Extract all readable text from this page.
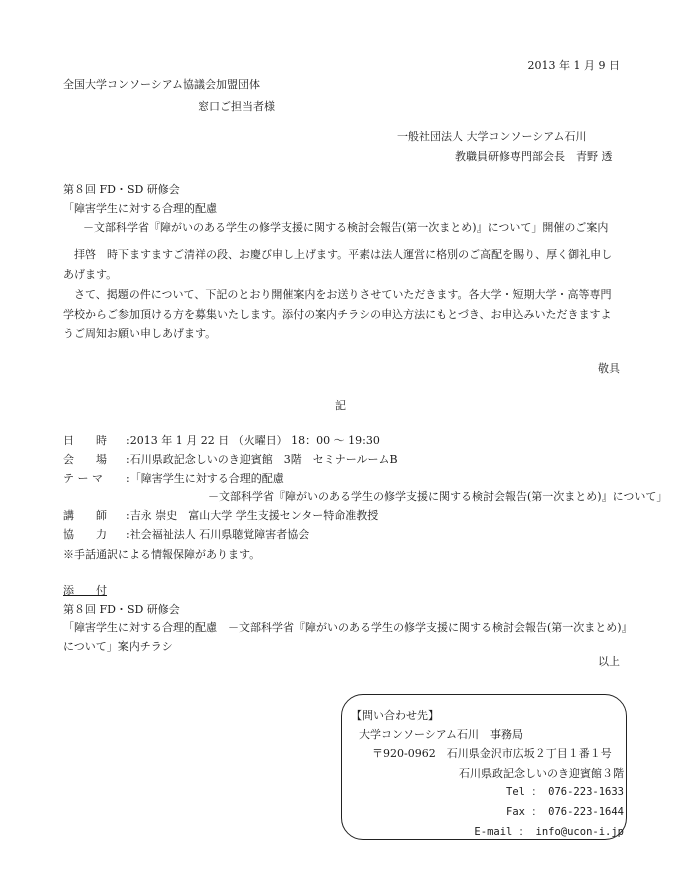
2013 年 1 月 9 日
全国大学コンソーシアム協議会加盟団体
窓口ご担当者様
一般社団法人 大学コンソーシアム石川
教職員研修専門部会長　青野 透
第８回 FD・SD 研修会
「障害学生に対する合理的配慮
－文部科学省『障がいのある学生の修学支援に関する検討会報告(第一次まとめ)』について」開催のご案内
　拝啓　時下ますますご清祥の段、お慶び申し上げます。平素は法人運営に格別のご高配を賜り、厚く御礼申しあげます。
　さて、掲題の件について、下記のとおり開催案内をお送りさせていただきます。各大学・短期大学・高等専門学校からご参加頂ける方を募集いたします。添付の案内チラシの申込方法にもとづき、お申込みいただきますようご周知お願い申しあげます。
敬具
記
日　　時 :2013 年 1 月 22 日 （火曜日） 18：00 ～ 19:30
会　　場 :石川県政記念しいのき迎賓館　3階　セミナールームB
テ ー マ :「障害学生に対する合理的配慮
－文部科学省『障がいのある学生の修学支援に関する検討会報告(第一次まとめ)』について」
講　　師 :吉永 崇史　富山大学 学生支援センター特命准教授
協　　力 :社会福祉法人 石川県聴覚障害者協会
※手話通訳による情報保障があります。
添　　付
第８回 FD・SD 研修会
「障害学生に対する合理的配慮　－文部科学省『障がいのある学生の修学支援に関する検討会報告(第一次まとめ)』
について」案内チラシ
以上
【問い合わせ先】
大学コンソーシアム石川　事務局
〒920-0962　石川県金沢市広坂２丁目１番１号
石川県政記念しいのき迎賓館３階
Tel ： 076-223-1633
Fax ： 076-223-1644
E-mail ： info@ucon-i.jp
